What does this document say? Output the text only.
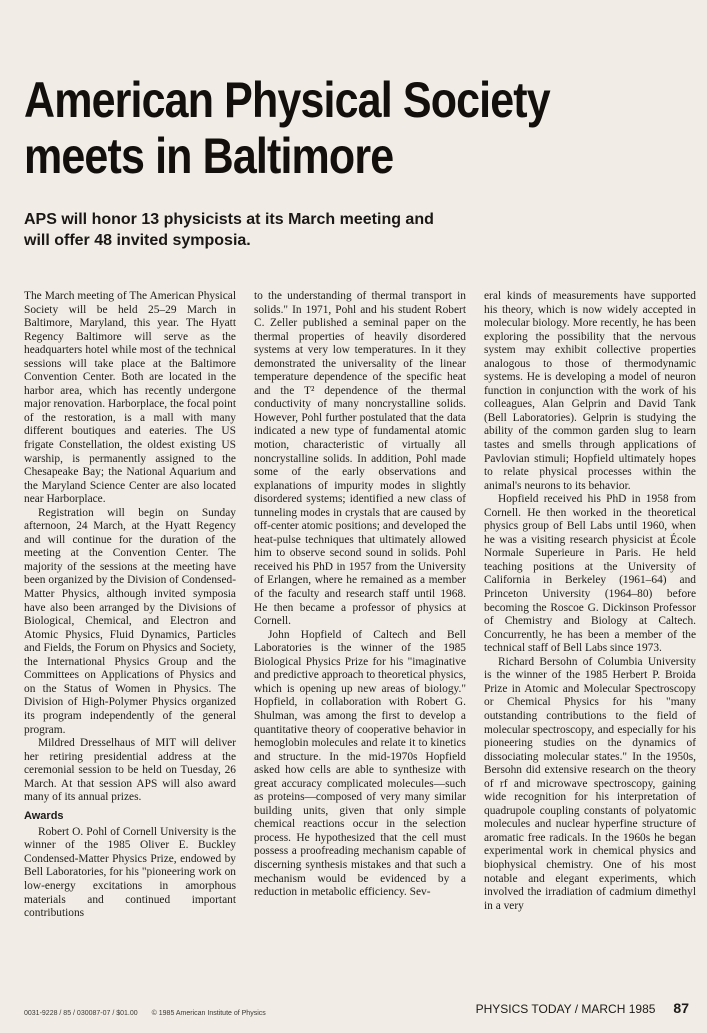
American Physical Society
meets in Baltimore

APS will honor 13 physicists at its March meeting and will offer 48 invited symposia.

The March meeting of The American Physical Society will be held 25–29 March in Baltimore, Maryland, this year. The Hyatt Regency Baltimore will serve as the headquarters hotel while most of the technical sessions will take place at the Baltimore Convention Center. Both are located in the harbor area, which has recently undergone major renovation. Harborplace, the focal point of the restoration, is a mall with many different boutiques and eateries. The US frigate Constellation, the oldest existing US warship, is permanently assigned to the Chesapeake Bay; the National Aquarium and the Maryland Science Center are also located near Harborplace.

Registration will begin on Sunday afternoon, 24 March, at the Hyatt Regency and will continue for the duration of the meeting at the Convention Center. The majority of the sessions at the meeting have been organized by the Division of Condensed-Matter Physics, although invited symposia have also been arranged by the Divisions of Biological, Chemical, and Electron and Atomic Physics, Fluid Dynamics, Particles and Fields, the Forum on Physics and Society, the International Physics Group and the Committees on Applications of Physics and on the Status of Women in Physics. The Division of High-Polymer Physics organized its program independently of the general program.

Mildred Dresselhaus of MIT will deliver her retiring presidential address at the ceremonial session to be held on Tuesday, 26 March. At that session APS will also award many of its annual prizes.

Awards

Robert O. Pohl of Cornell University is the winner of the 1985 Oliver E. Buckley Condensed-Matter Physics Prize, endowed by Bell Laboratories, for his "pioneering work on low-energy excitations in amorphous materials and continued important contributions

to the understanding of thermal transport in solids." In 1971, Pohl and his student Robert C. Zeller published a seminal paper on the thermal properties of heavily disordered systems at very low temperatures. In it they demonstrated the universality of the linear temperature dependence of the specific heat and the T² dependence of the thermal conductivity of many noncrystalline solids. However, Pohl further postulated that the data indicated a new type of fundamental atomic motion, characteristic of virtually all noncrystalline solids. In addition, Pohl made some of the early observations and explanations of impurity modes in slightly disordered systems; identified a new class of tunneling modes in crystals that are caused by off-center atomic positions; and developed the heat-pulse techniques that ultimately allowed him to observe second sound in solids. Pohl received his PhD in 1957 from the University of Erlangen, where he remained as a member of the faculty and research staff until 1968. He then became a professor of physics at Cornell.

John Hopfield of Caltech and Bell Laboratories is the winner of the 1985 Biological Physics Prize for his "imaginative and predictive approach to theoretical physics, which is opening up new areas of biology." Hopfield, in collaboration with Robert G. Shulman, was among the first to develop a quantitative theory of cooperative behavior in hemoglobin molecules and relate it to kinetics and structure. In the mid-1970s Hopfield asked how cells are able to synthesize with great accuracy complicated molecules—such as proteins—composed of very many similar building units, given that only simple chemical reactions occur in the selection process. He hypothesized that the cell must possess a proofreading mechanism capable of discerning synthesis mistakes and that such a mechanism would be evidenced by a reduction in metabolic efficiency. Sev-

eral kinds of measurements have supported his theory, which is now widely accepted in molecular biology. More recently, he has been exploring the possibility that the nervous system may exhibit collective properties analogous to those of thermodynamic systems. He is developing a model of neuron function in conjunction with the work of his colleagues, Alan Gelprin and David Tank (Bell Laboratories). Gelprin is studying the ability of the common garden slug to learn tastes and smells through applications of Pavlovian stimuli; Hopfield ultimately hopes to relate physical processes within the animal's neurons to its behavior.

Hopfield received his PhD in 1958 from Cornell. He then worked in the theoretical physics group of Bell Labs until 1960, when he was a visiting research physicist at École Normale Superieure in Paris. He held teaching positions at the University of California in Berkeley (1961–64) and Princeton University (1964–80) before becoming the Roscoe G. Dickinson Professor of Chemistry and Biology at Caltech. Concurrently, he has been a member of the technical staff of Bell Labs since 1973.

Richard Bersohn of Columbia University is the winner of the 1985 Herbert P. Broida Prize in Atomic and Molecular Spectroscopy or Chemical Physics for his "many outstanding contributions to the field of molecular spectroscopy, and especially for his pioneering studies on the dynamics of dissociating molecular states." In the 1950s, Bersohn did extensive research on the theory of rf and microwave spectroscopy, gaining wide recognition for his interpretation of quadrupole coupling constants of polyatomic molecules and nuclear hyperfine structure of aromatic free radicals. In the 1960s he began experimental work in chemical physics and biophysical chemistry. One of his most notable and elegant experiments, which involved the irradiation of cadmium dimethyl in a very

0031-9228 / 85 / 030087-07 / $01.00 © 1985 American Institute of Physics	PHYSICS TODAY / MARCH 1985 87
